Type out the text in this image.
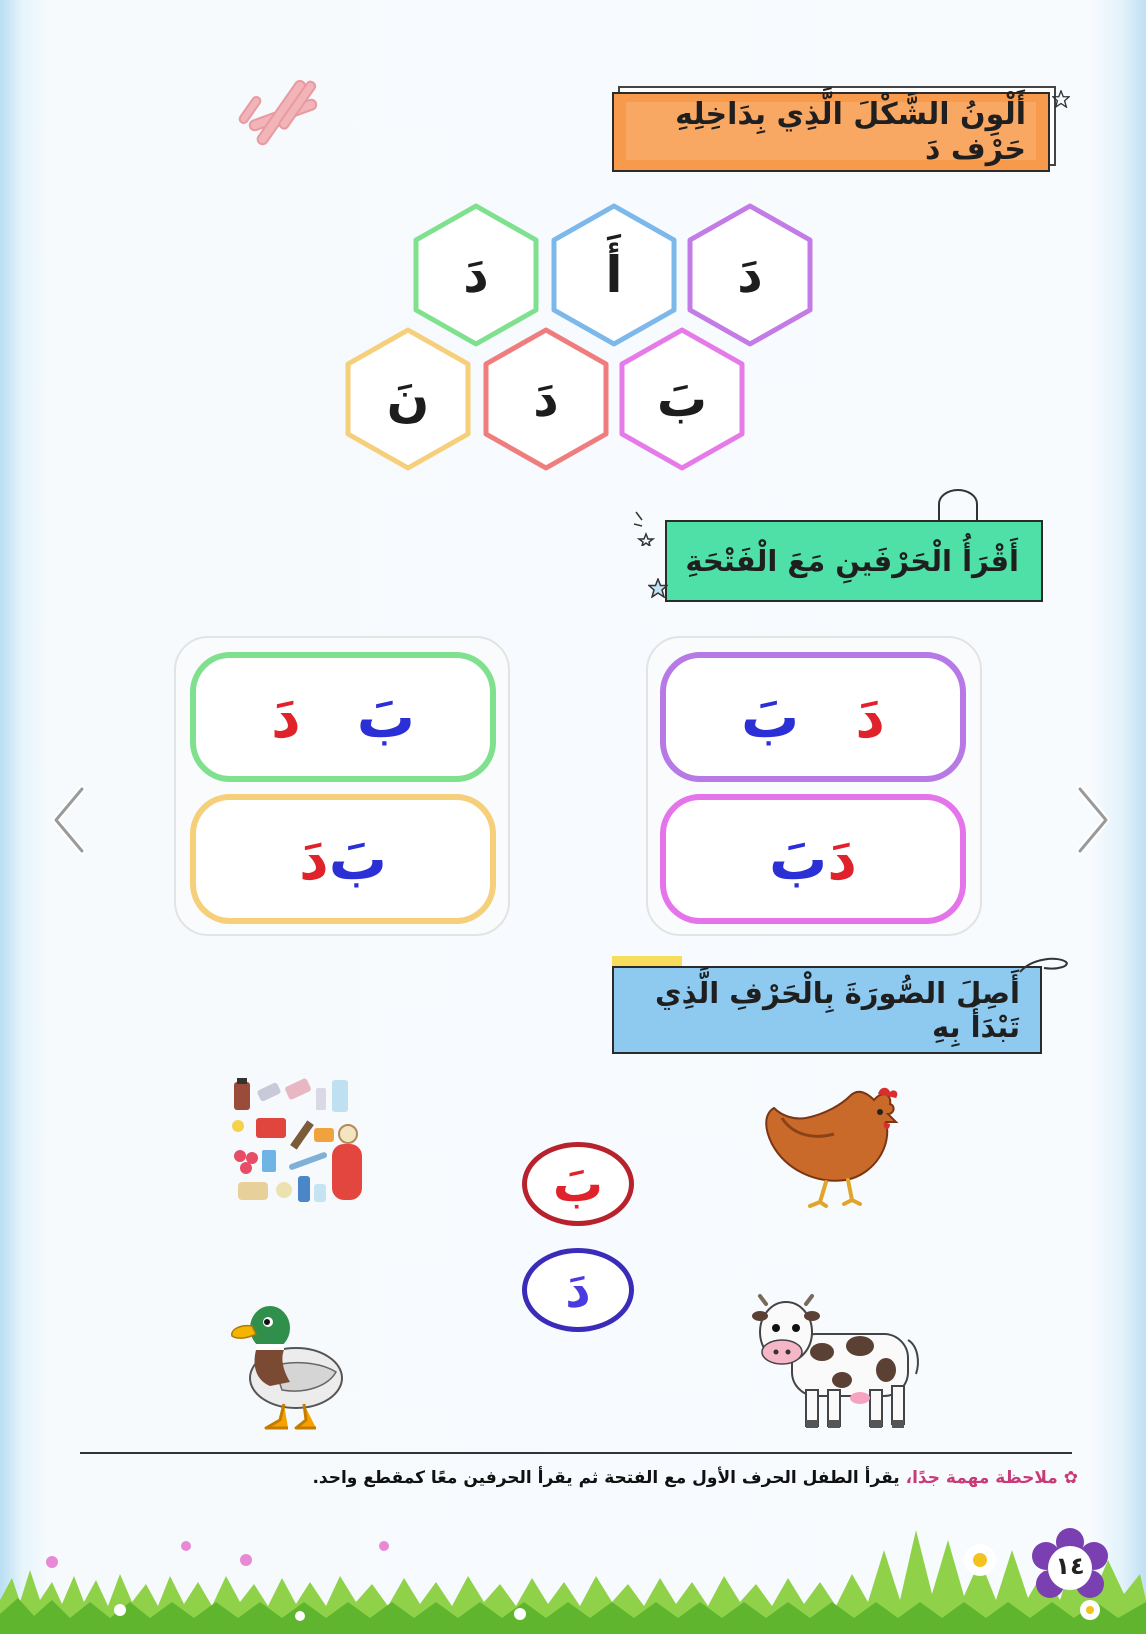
أَلْوِنُ الشَّكْلَ الَّذِي بِدَاخِلِهِ حَرْف دَ
دَ
أَ
دَ
بَ
دَ
نَ
أَقْرَأُ الْحَرْفَينِ مَعَ الْفَتْحَةِ
دَ
بَ
دَ
بَ
بَ
دَ
بَ
دَ
أَصِلَ الصُّورَةَ بِالْحَرْفِ الَّذِي تَبْدَأُ بِهِ
بَ
دَ
✿ ملاحظة مهمة جدًا، يقرأ الطفل الحرف الأول مع الفتحة ثم يقرأ الحرفين معًا كمقطع واحد.
١٤
